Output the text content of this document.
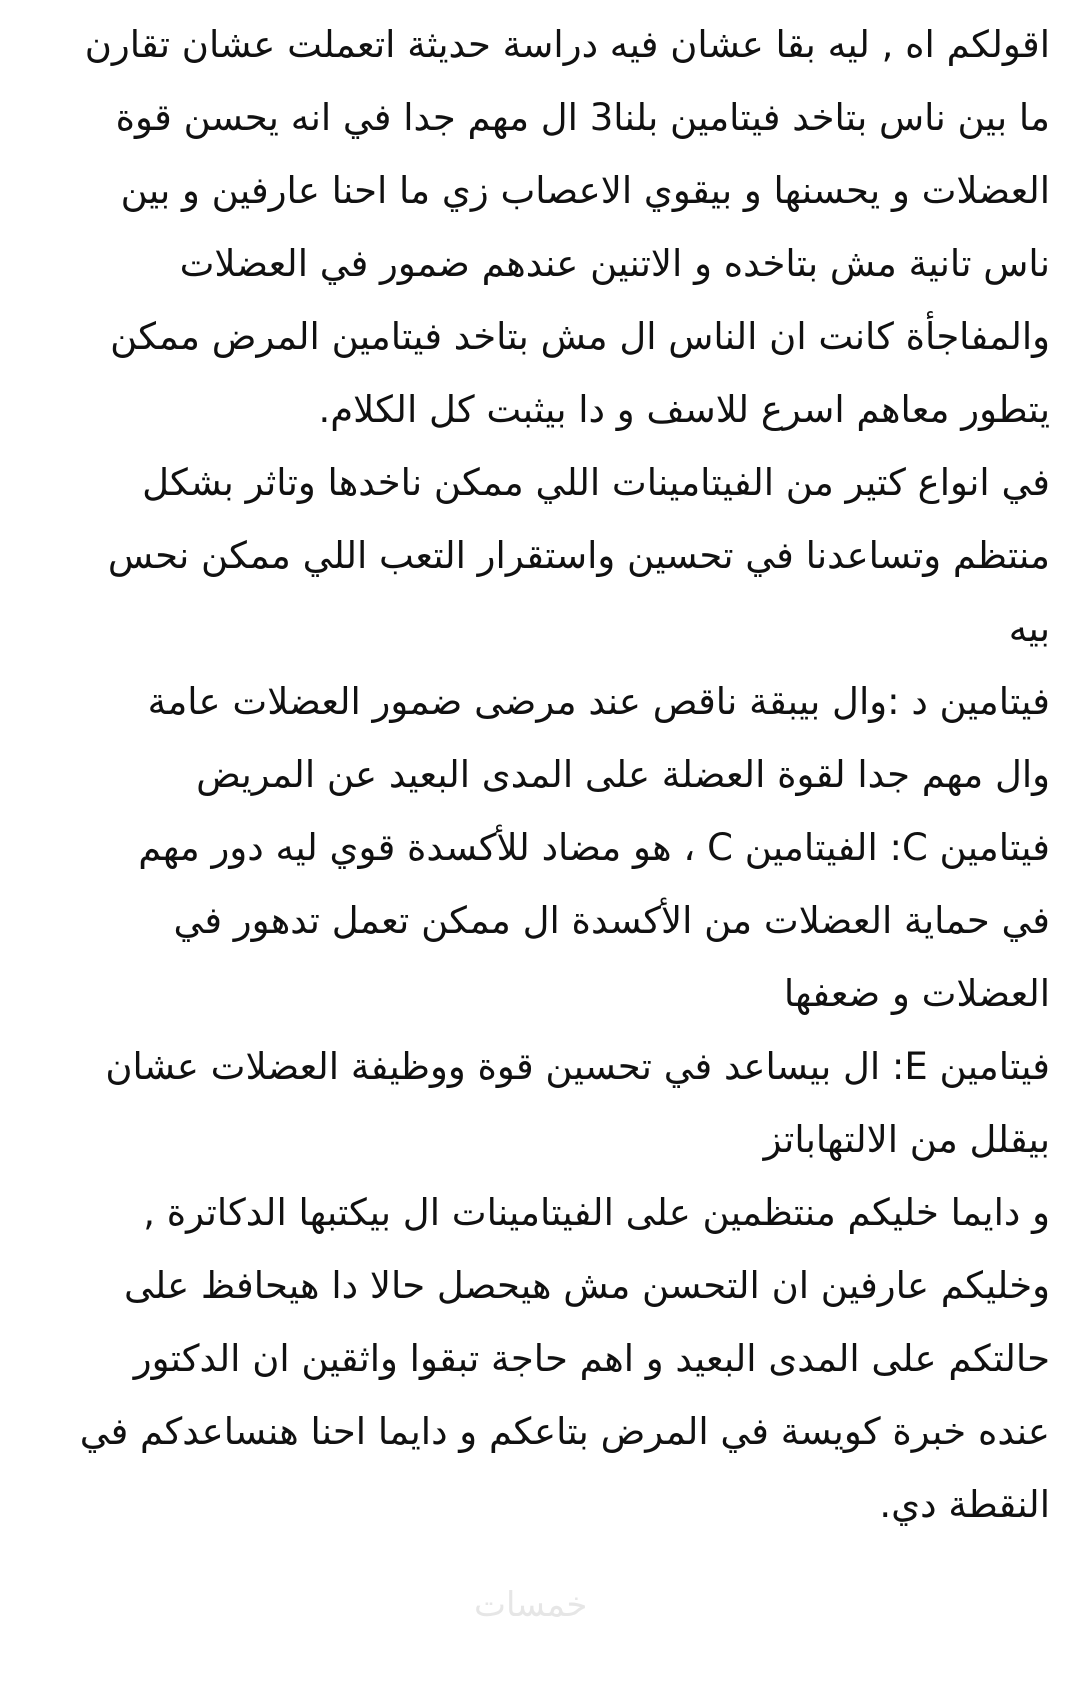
اقولكم اه , ليه بقا عشان فيه دراسة حديثة اتعملت عشان تقارن
ما بين ناس بتاخد فيتامين بلنا3 ال مهم جدا في انه يحسن قوة
العضلات و يحسنها و بيقوي الاعصاب زي ما احنا عارفين و بين
ناس تانية مش بتاخده و الاتنين عندهم ضمور في العضلات
والمفاجأة كانت ان الناس ال مش بتاخد فيتامين المرض ممكن
يتطور معاهم اسرع للاسف و دا بيثبت كل الكلام.
في انواع كتير من الفيتامينات اللي ممكن ناخدها وتاثر بشكل
منتظم وتساعدنا في تحسين واستقرار التعب اللي ممكن نحس
بيه
فيتامين د :وال بيبقة ناقص عند مرضى ضمور العضلات عامة
وال مهم جدا لقوة العضلة على المدى البعيد عن المريض
فيتامين C: الفيتامين C ، هو مضاد للأكسدة قوي ليه دور مهم
في حماية العضلات من الأكسدة ال ممكن تعمل تدهور في
العضلات و ضعفها
فيتامين E: ال بيساعد في تحسين قوة ووظيفة العضلات عشان
بيقلل من الالتهاباتز
و دايما خليكم منتظمين على الفيتامينات ال بيكتبها الدكاترة ,
وخليكم عارفين ان التحسن مش هيحصل حالا دا هيحافظ على
حالتكم على المدى البعيد و اهم حاجة تبقوا واثقين ان الدكتور
عنده خبرة كويسة في المرض بتاعكم و دايما احنا هنساعدكم في
النقطة دي.
خمسات
